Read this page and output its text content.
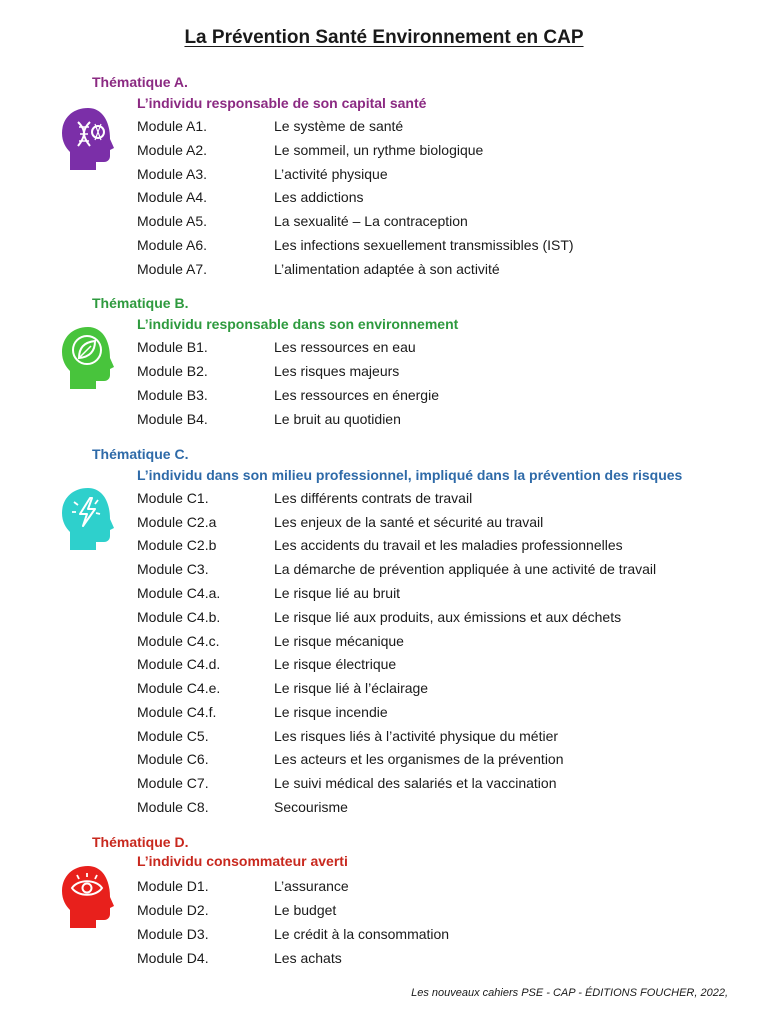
La Prévention Santé Environnement en CAP
Thématique A.
L’individu responsable de son capital santé
Module A1.	Le système de santé
Module A2.	Le sommeil, un rythme biologique
Module A3.	L’activité physique
Module A4.	Les addictions
Module A5.	La sexualité – La contraception
Module A6.	Les infections sexuellement transmissibles (IST)
Module A7.	L’alimentation adaptée à son activité
Thématique B.
L’individu responsable dans son environnement
Module B1.	Les ressources en eau
Module B2.	Les risques majeurs
Module B3.	Les ressources en énergie
Module B4.	Le bruit au quotidien
Thématique C.
L’individu dans son milieu professionnel, impliqué dans la prévention des risques
Module C1.	Les différents contrats de travail
Module C2.a	Les enjeux de la santé et sécurité au travail
Module C2.b	Les accidents du travail et les maladies professionnelles
Module C3.	La démarche de prévention appliquée à une activité de travail
Module C4.a.	Le risque lié au bruit
Module C4.b.	Le risque lié aux produits, aux émissions et aux déchets
Module C4.c.	Le risque mécanique
Module C4.d.	Le risque électrique
Module C4.e.	Le risque lié à l’éclairage
Module C4.f.	Le risque incendie
Module C5.	Les risques liés à l’activité physique du métier
Module C6.	Les acteurs et les organismes de la prévention
Module C7.	Le suivi médical des salariés et la vaccination
Module C8.	Secourisme
Thématique D.
L’individu consommateur averti
Module D1.	L’assurance
Module D2.	Le budget
Module D3.	Le crédit à la consommation
Module D4.	Les achats
Les nouveaux cahiers PSE - CAP - ÉDITIONS FOUCHER, 2022,
